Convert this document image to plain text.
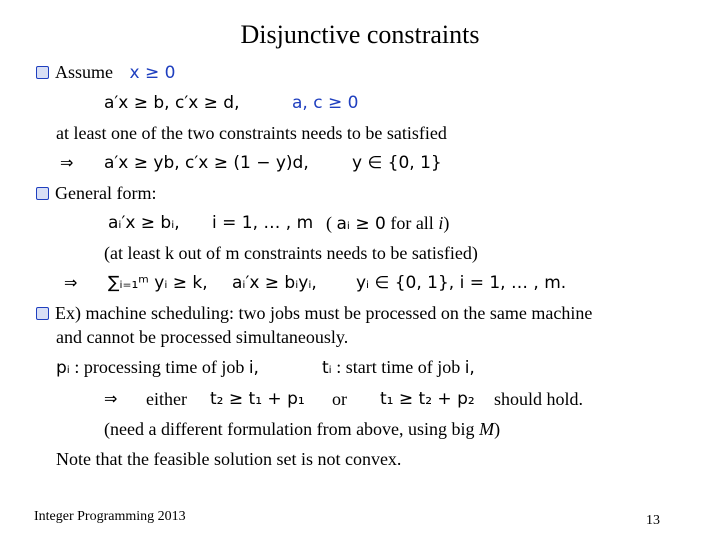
Disjunctive constraints
Assume x ≥ 0
a′x ≥ b, c′x ≥ d,	a, c ≥ 0
at least one of the two constraints needs to be satisfied
⇒ a′x ≥ yb, c′x ≥ (1 − y)d,	y ∈ {0, 1}
General form:
aᵢ′x ≥ bᵢ, i = 1, … , m ( aᵢ ≥ 0 for all i)
(at least k out of m constraints needs to be satisfied)
⇒ ∑ᵢ₌₁ᵐ yᵢ ≥ k, aᵢ′x ≥ bᵢyᵢ, yᵢ ∈ {0, 1}, i = 1, … , m.
Ex) machine scheduling: two jobs must be processed on the same machine
and cannot be processed simultaneously.
pᵢ : processing time of job i,	tᵢ : start time of job i,
⇒ either t₂ ≥ t₁ + p₁ or t₁ ≥ t₂ + p₂ should hold.
(need a different formulation from above, using big M)
Note that the feasible solution set is not convex.
Integer Programming 2013	13
